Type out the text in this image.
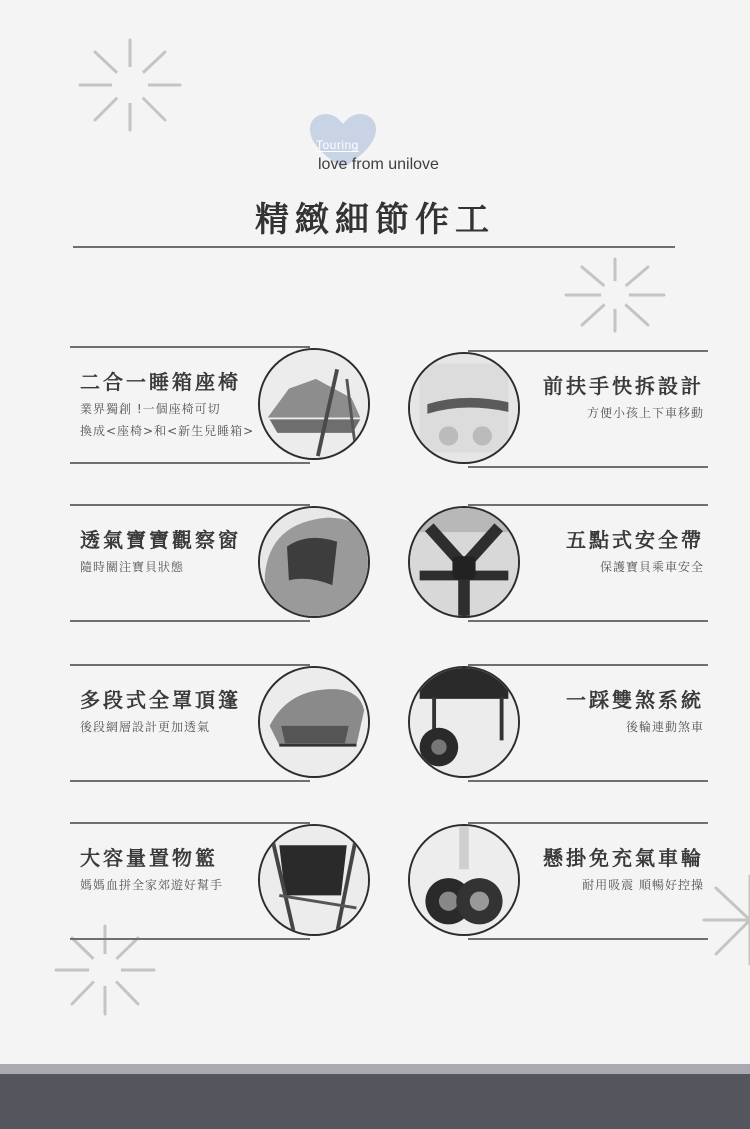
Touring
love from unilove
精緻細節作工
二合一睡箱座椅
業界獨創 !一個座椅可切
換成<座椅>和<新生兒睡箱>
前扶手快拆設計
方便小孩上下車移動
透氣寶寶觀察窗
隨時關注寶貝狀態
五點式安全帶
保護寶貝乘車安全
多段式全罩頂篷
後段網層設計更加透氣
一踩雙煞系統
後輪連動煞車
大容量置物籃
媽媽血拼全家郊遊好幫手
懸掛免充氣車輪
耐用吸震 順暢好控操
